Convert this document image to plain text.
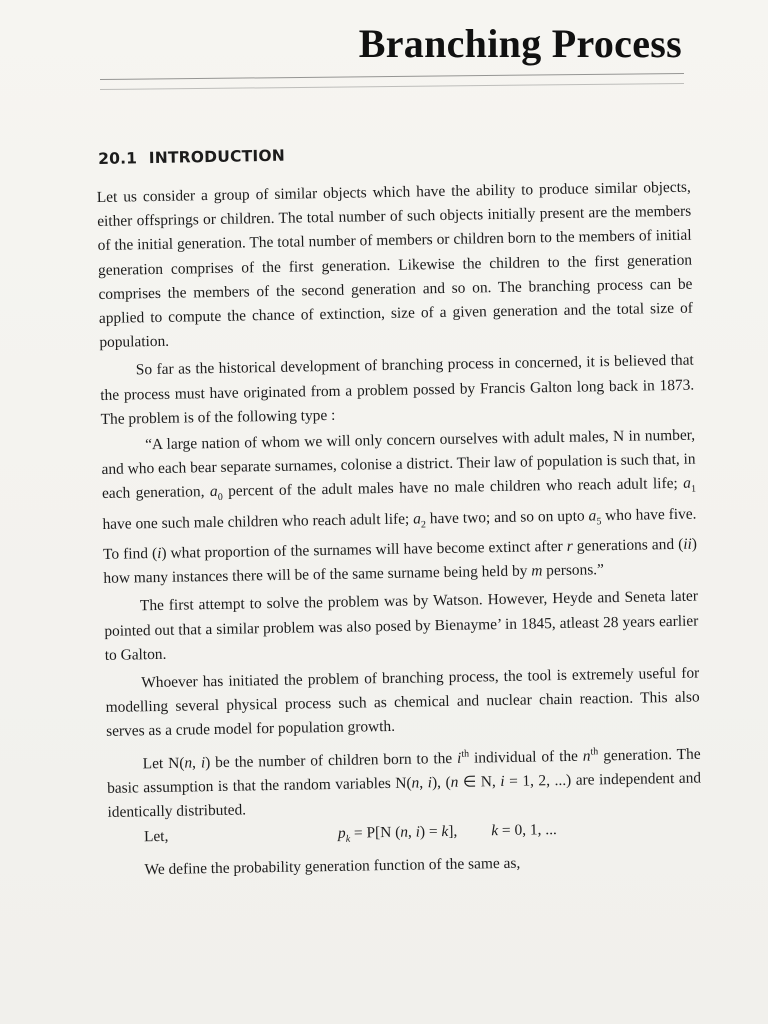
Branching Process
20.1 INTRODUCTION

Let us consider a group of similar objects which have the ability to produce similar objects, either offsprings or children. The total number of such objects initially present are the members of the initial generation. The total number of members or children born to the members of initial generation comprises of the first generation. Likewise the children to the first generation comprises the members of the second generation and so on. The branching process can be applied to compute the chance of extinction, size of a given generation and the total size of population.

So far as the historical development of branching process in concerned, it is believed that the process must have originated from a problem possed by Francis Galton long back in 1873. The problem is of the following type :

“A large nation of whom we will only concern ourselves with adult males, N in number, and who each bear separate surnames, colonise a district. Their law of population is such that, in each generation, $a_0$ percent of the adult males have no male children who reach adult life; $a_1$ have one such male children who reach adult life; $a_2$ have two; and so on upto $a_5$ who have five. To find (i) what proportion of the surnames will have become extinct after r generations and (ii) how many instances there will be of the same surname being held by m persons.”

The first attempt to solve the problem was by Watson. However, Heyde and Seneta later pointed out that a similar problem was also posed by Bienayme’ in 1845, atleast 28 years earlier to Galton.

Whoever has initiated the problem of branching process, the tool is extremely useful for modelling several physical process such as chemical and nuclear chain reaction. This also serves as a crude model for population growth.

Let N(n, i) be the number of children born to the $i^{th}$ individual of the $n^{th}$ generation. The basic assumption is that the random variables N(n, i), (n ∈ N, i = 1, 2, ...) are independent and identically distributed.

Let,	$p_k = P[N$ (n, i) = k], k = 0, 1, ...

We define the probability generation function of the same as,
